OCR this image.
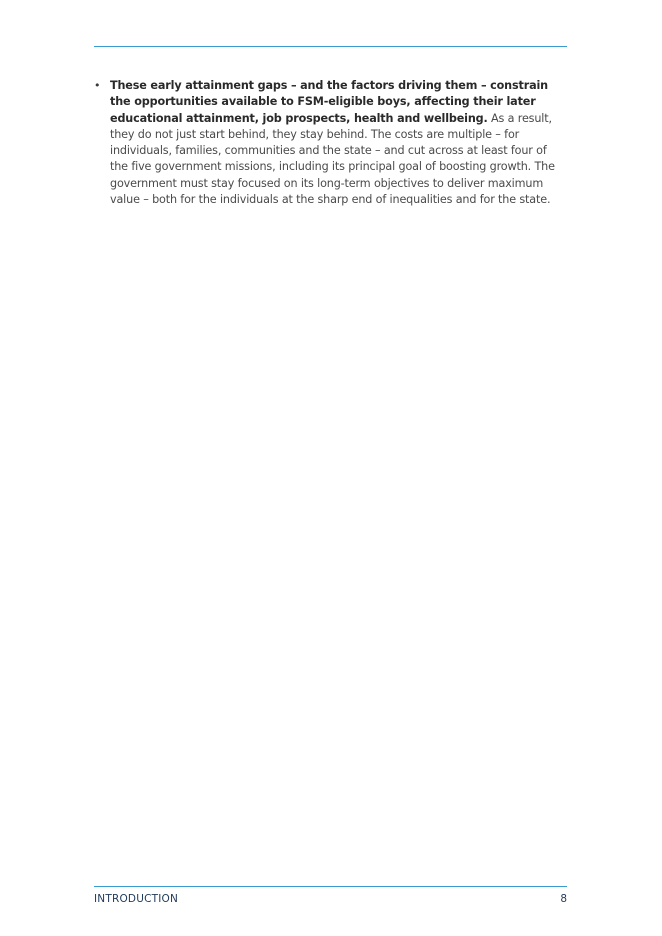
• These early attainment gaps – and the factors driving them – constrain the opportunities available to FSM-eligible boys, affecting their later educational attainment, job prospects, health and wellbeing. As a result, they do not just start behind, they stay behind. The costs are multiple – for individuals, families, communities and the state – and cut across at least four of the five government missions, including its principal goal of boosting growth. The government must stay focused on its long-term objectives to deliver maximum value – both for the individuals at the sharp end of inequalities and for the state.
INTRODUCTION	8
